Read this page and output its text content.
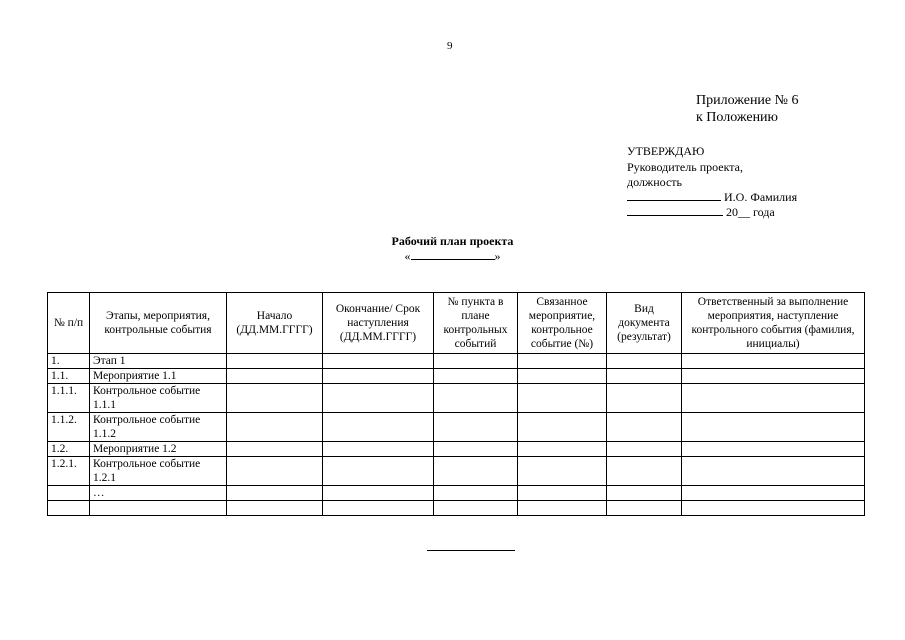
9
Приложение № 6
к Положению
УТВЕРЖДАЮ
Руководитель проекта,
должность
И.О. Фамилия
20__ года
Рабочий план проекта
«	»
№ п/п	Этапы, мероприятия, контрольные события	Начало (ДД.ММ.ГГГГ)	Окончание/ Срок наступления (ДД.ММ.ГГГГ)	№ пункта в плане контрольных событий	Связанное мероприятие, контрольное событие (№)	Вид документа (результат)	Ответственный за выполнение мероприятия, наступление контрольного события (фамилия, инициалы)
1.	Этап 1						
1.1.	Мероприятие 1.1						
1.1.1.	Контрольное событие 1.1.1						
1.1.2.	Контрольное событие 1.1.2						
1.2.	Мероприятие 1.2						
1.2.1.	Контрольное событие 1.2.1						
	…						
